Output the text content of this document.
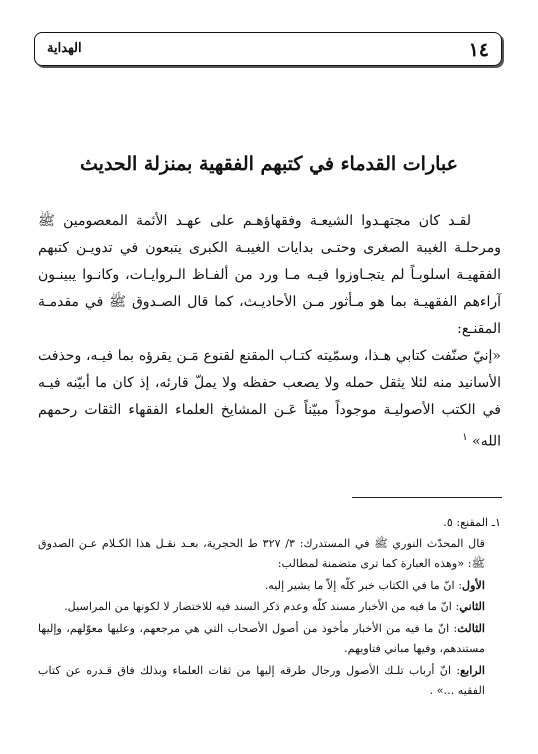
١٤
الهداية
عبارات القدماء في كتبهم الفقهية بمنزلة الحديث

لقـد كان مجتهـدوا الشيعـة وفقهاؤهـم على عهـد الأئمة المعصومين ﷺ ومرحلـة الغيبة الصغرى وحتـى بدايات الغيبـة الكبرى يتبعون في تدويـن كتبهم الفقهيـة اسلوبـاً لم يتجـاوزوا فيـه مـا ورد من ألفـاظ الـروايـات، وكانـوا يبينـون آراءهم الفقهيـة بما هو مـأثور مـن الأحاديـث، كما قال الصـدوق ﷺ في مقدمـة المقنـع:

«إنيّ صنّفت كتابي هـذا، وسمّيته كتـاب المقنع لقنوع مَـن يقرؤه بما فيـه، وحذفت الأسانيد منه لئلا يثقل حمله ولا يصعب حفظه ولا يملّ قارئه، إذ كان ما أبيّنه فيـه في الكتب الأصوليـة موجوداً مبيّناً عَـن المشايخ العلماء الفقهاء الثقات رحمهم الله» $^١$

١ـ المقنع: ٥.

قال المحدّث النوري ﷺ في المستدرك: ٣/ ٣٢٧ ط الحجرية، بعـد نقـل هذا الكـلام عـن الصدوق ﷺ: «وهذه العبارة كما ترى متضمنة لمطالب:

الأول: انّ ما في الكتاب خبر كلّه إلاّ ما يشير إليه.

الثاني: انّ ما فيه من الأخبار مسند كلّه وعدم ذكر السند فيه للاختصار لا لكونها من المراسيل.

الثالث: انّ ما فيه من الأخبار مأخوذ من أصول الأصحاب التي هي مرجعهم، وعليها معوّلهم، وإليها مستندهم، وفيها مباني فتاويهم.

الرابع: انّ أرباب تلـك الأصول ورجال طرقه إليها من ثقات العلماء وبذلك فاق قـدره عن كتاب الفقيه ...» .
